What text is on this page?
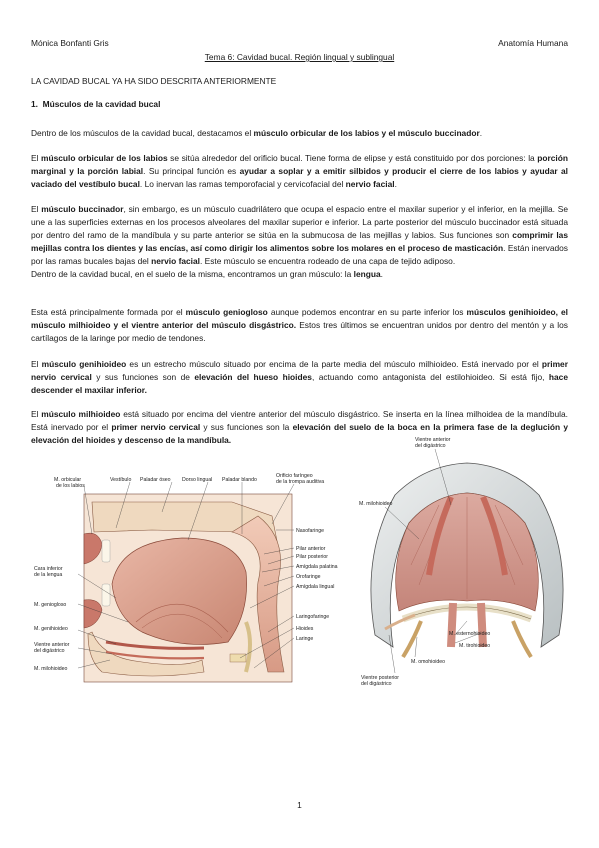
Mónica Bonfanti Gris	Anatomía Humana
Tema 6: Cavidad bucal. Región lingual y sublingual

LA CAVIDAD BUCAL YA HA SIDO DESCRITA ANTERIORMENTE

1. Músculos de la cavidad bucal

Dentro de los músculos de la cavidad bucal, destacamos el músculo orbicular de los labios y el músculo buccinador.

El músculo orbicular de los labios se sitúa alrededor del orificio bucal. Tiene forma de elipse y está constituido por dos porciones: la porción marginal y la porción labial. Su principal función es ayudar a soplar y a emitir silbidos y producir el cierre de los labios y ayudar al vaciado del vestíbulo bucal. Lo inervan las ramas temporofacial y cervicofacial del nervio facial.

El músculo buccinador, sin embargo, es un músculo cuadrilátero que ocupa el espacio entre el maxilar superior y el inferior, en la mejilla. Se une a las superficies externas en los procesos alveolares del maxilar superior e inferior. La parte posterior del músculo buccinador está situada por dentro del ramo de la mandíbula y su parte anterior se sitúa en la submucosa de las mejillas y labios. Sus funciones son comprimir las mejillas contra los dientes y las encías, así como dirigir los alimentos sobre los molares en el proceso de masticación. Están inervados por las ramas bucales bajas del nervio facial. Este músculo se encuentra rodeado de una capa de tejido adiposo.
Dentro de la cavidad bucal, en el suelo de la misma, encontramos un gran músculo: la lengua.

Esta está principalmente formada por el músculo geniogloso aunque podemos encontrar en su parte inferior los músculos genihioideo, el músculo milhioideo y el vientre anterior del músculo disgástrico. Estos tres últimos se encuentran unidos por dentro del mentón y a los cartílagos de la laringe por medio de tendones.

El músculo genihioideo es un estrecho músculo situado por encima de la parte media del músculo milhioideo. Está inervado por el primer nervio cervical y sus funciones son de elevación del hueso hioides, actuando como antagonista del estilohioideo. Si está fijo, hace descender el maxilar inferior.

El músculo milhioideo está situado por encima del vientre anterior del músculo disgástrico. Se inserta en la línea milhoidea de la mandíbula. Está inervado por el primer nervio cervical y sus funciones son la elevación del suelo de la boca en la primera fase de la deglución y elevación del hioides y descenso de la mandíbula.

M. orbicular
de los labios
Vestíbulo Paladar óseo Dorso lingual Paladar blando
Orificio faríngeo
de la trompa auditiva
Nasofaringe
Pilar anterior
Pilar posterior
Amígdala palatina
Orofaringe
Amígdala lingual
Laringofaringe
Hioides
Laringe
Cara inferior
de la lengua
M. geniogloso
M. genihioideo
Vientre anterior
del digástrico
M. milohioideo
Vientre anterior
del digástrico
M. milohioideo
M. esternohioideo
M. tirohioideo
M. omohioideo
Vientre posterior
del digástrico
1
